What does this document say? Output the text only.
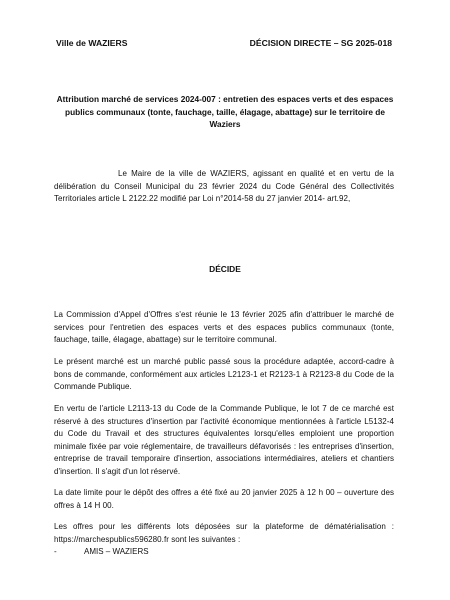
Ville de WAZIERS	DÉCISION DIRECTE – SG 2025-018

Attribution marché de services 2024-007 : entretien des espaces verts et des espaces publics communaux (tonte, fauchage, taille, élagage, abattage) sur le territoire de Waziers

Le Maire de la ville de WAZIERS, agissant en qualité et en vertu de la délibération du Conseil Municipal du 23 février 2024 du Code Général des Collectivités Territoriales article L 2122.22 modifié par Loi n°2014-58 du 27 janvier 2014- art.92,

DÉCIDE

La Commission d'Appel d'Offres s'est réunie le 13 février 2025 afin d'attribuer le marché de services pour l'entretien des espaces verts et des espaces publics communaux (tonte, fauchage, taille, élagage, abattage) sur le territoire communal.

Le présent marché est un marché public passé sous la procédure adaptée, accord-cadre à bons de commande, conformément aux articles L2123-1 et R2123-1 à R2123-8 du Code de la Commande Publique.

En vertu de l'article L2113-13 du Code de la Commande Publique, le lot 7 de ce marché est réservé à des structures d'insertion par l'activité économique mentionnées à l'article L5132-4 du Code du Travail et des structures équivalentes lorsqu'elles emploient une proportion minimale fixée par voie réglementaire, de travailleurs défavorisés : les entreprises d'insertion, entreprise de travail temporaire d'insertion, associations intermédiaires, ateliers et chantiers d'insertion. Il s'agit d'un lot réservé.

La date limite pour le dépôt des offres a été fixé au 20 janvier 2025 à 12 h 00 – ouverture des offres à 14 H 00.

Les offres pour les différents lots déposées sur la plateforme de dématérialisation : https://marchespublics596280.fr sont les suivantes :

-	AMIS – WAZIERS
